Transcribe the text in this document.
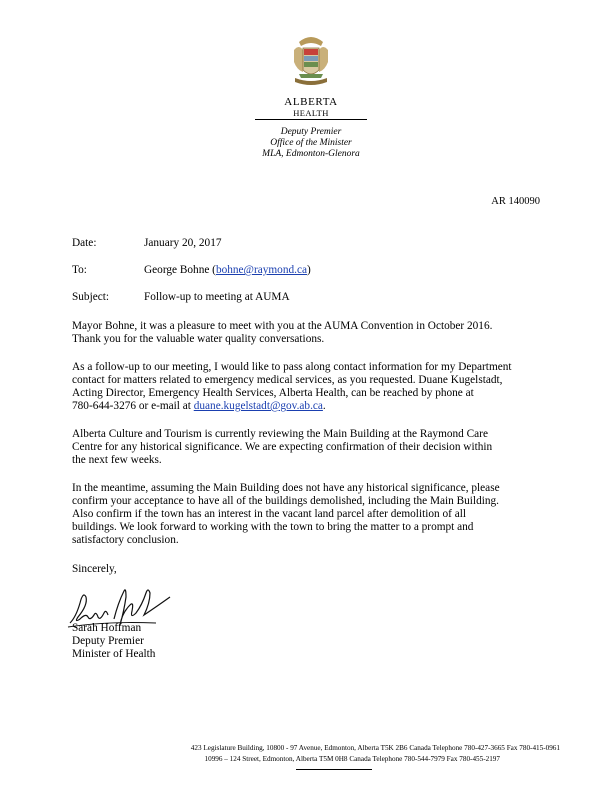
ALBERTA
HEALTH
Deputy Premier
Office of the Minister
MLA, Edmonton-Glenora
AR 140090
Date:	January 20, 2017
To:	George Bohne (bohne@raymond.ca)
Subject:	Follow-up to meeting at AUMA
Mayor Bohne, it was a pleasure to meet with you at the AUMA Convention in October 2016.
Thank you for the valuable water quality conversations.
As a follow-up to our meeting, I would like to pass along contact information for my Department
contact for matters related to emergency medical services, as you requested. Duane Kugelstadt,
Acting Director, Emergency Health Services, Alberta Health, can be reached by phone at
780-644-3276 or e-mail at duane.kugelstadt@gov.ab.ca.
Alberta Culture and Tourism is currently reviewing the Main Building at the Raymond Care
Centre for any historical significance. We are expecting confirmation of their decision within
the next few weeks.
In the meantime, assuming the Main Building does not have any historical significance, please
confirm your acceptance to have all of the buildings demolished, including the Main Building.
Also confirm if the town has an interest in the vacant land parcel after demolition of all
buildings. We look forward to working with the town to bring the matter to a prompt and
satisfactory conclusion.
Sincerely,
Sarah Hoffman
Deputy Premier
Minister of Health
423 Legislature Building, 10800 - 97 Avenue, Edmonton, Alberta T5K 2B6 Canada Telephone 780-427-3665 Fax 780-415-0961
10996 – 124 Street, Edmonton, Alberta T5M 0H8 Canada Telephone 780-544-7979 Fax 780-455-2197
